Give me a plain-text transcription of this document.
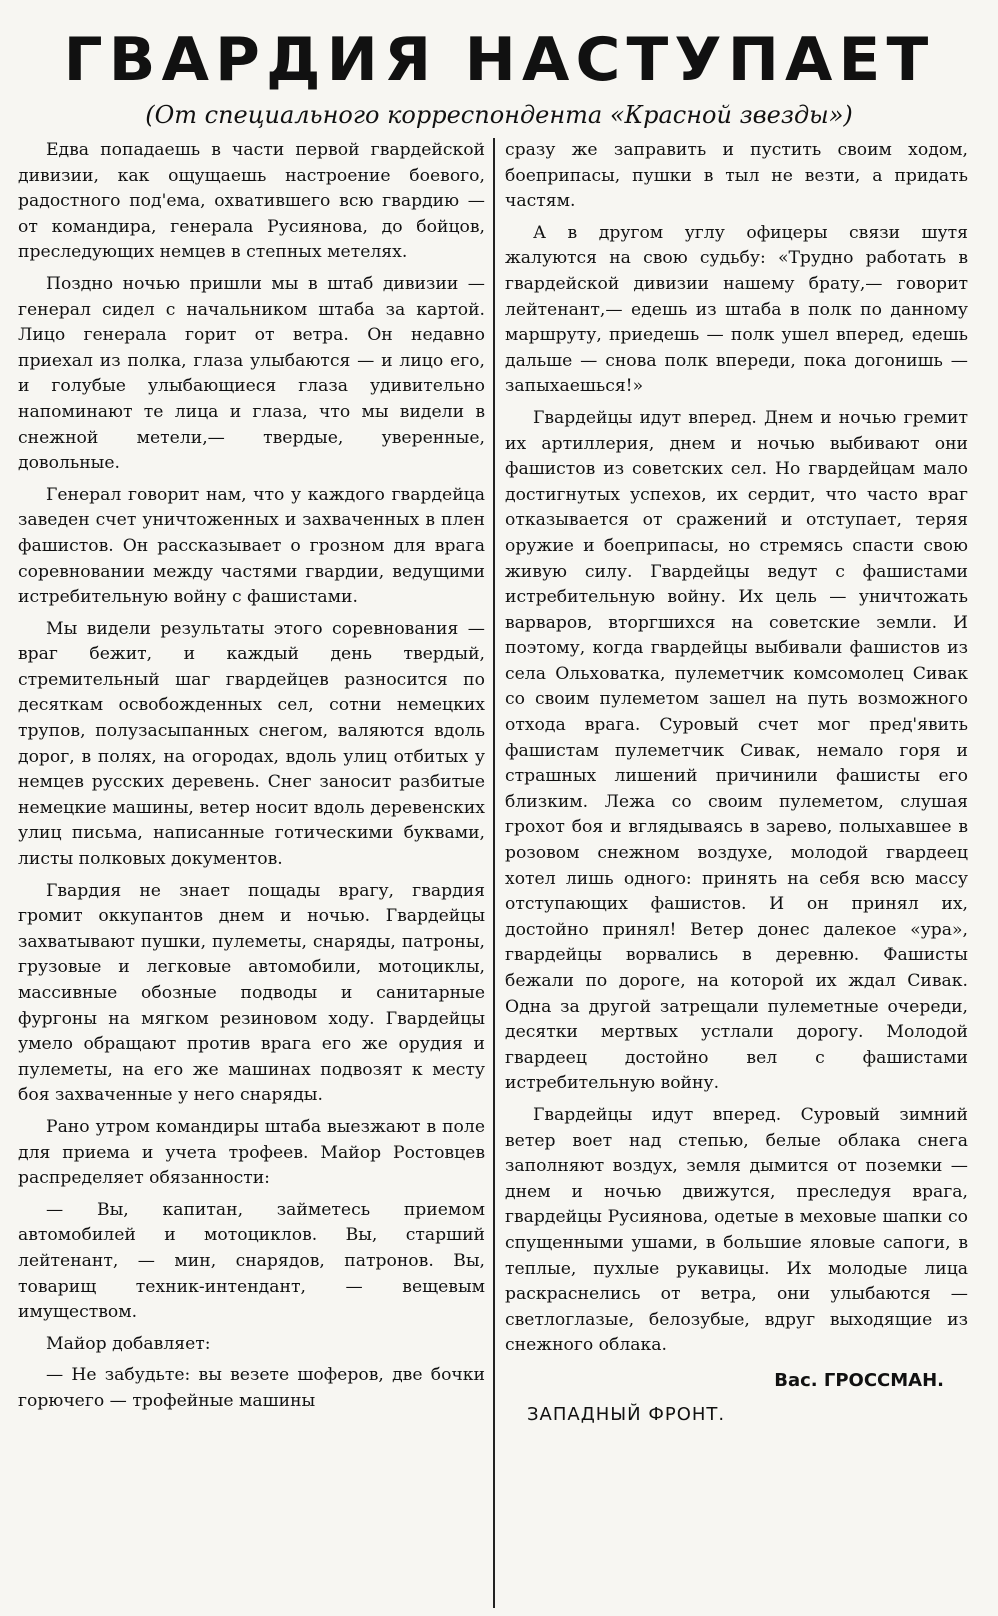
ГВАРДИЯ НАСТУПАЕТ
(От специального корреспондента «Красной звезды»)

Едва попадаешь в части первой гвардейской дивизии, как ощущаешь настроение боевого, радостного под'ема, охватившего всю гвардию — от командира, генерала Русиянова, до бойцов, преследующих немцев в степных метелях.

Поздно ночью пришли мы в штаб дивизии — генерал сидел с начальником штаба за картой. Лицо генерала горит от ветра. Он недавно приехал из полка, глаза улыбаются — и лицо его, и голубые улыбающиеся глаза удивительно напоминают те лица и глаза, что мы видели в снежной метели,— твердые, уверенные, довольные.

Генерал говорит нам, что у каждого гвардейца заведен счет уничтоженных и захваченных в плен фашистов. Он рассказывает о грозном для врага соревновании между частями гвардии, ведущими истребительную войну с фашистами.

Мы видели результаты этого соревнования — враг бежит, и каждый день твердый, стремительный шаг гвардейцев разносится по десяткам освобожденных сел, сотни немецких трупов, полузасыпанных снегом, валяются вдоль дорог, в полях, на огородах, вдоль улиц отбитых у немцев русских деревень. Снег заносит разбитые немецкие машины, ветер носит вдоль деревенских улиц письма, написанные готическими буквами, листы полковых документов.

Гвардия не знает пощады врагу, гвардия громит оккупантов днем и ночью. Гвардейцы захватывают пушки, пулеметы, снаряды, патроны, грузовые и легковые автомобили, мотоциклы, массивные обозные подводы и санитарные фургоны на мягком резиновом ходу. Гвардейцы умело обращают против врага его же орудия и пулеметы, на его же машинах подвозят к месту боя захваченные у него снаряды.

Рано утром командиры штаба выезжают в поле для приема и учета трофеев. Майор Ростовцев распределяет обязанности:

— Вы, капитан, займетесь приемом автомобилей и мотоциклов. Вы, старший лейтенант, — мин, снарядов, патронов. Вы, товарищ техник-интендант, — вещевым имуществом.

Майор добавляет:

— Не забудьте: вы везете шоферов, две бочки горючего — трофейные машины

сразу же заправить и пустить своим ходом, боеприпасы, пушки в тыл не везти, а придать частям.

А в другом углу офицеры связи шутя жалуются на свою судьбу: «Трудно работать в гвардейской дивизии нашему брату,— говорит лейтенант,— едешь из штаба в полк по данному маршруту, приедешь — полк ушел вперед, едешь дальше — снова полк впереди, пока догонишь — запыхаешься!»

Гвардейцы идут вперед. Днем и ночью гремит их артиллерия, днем и ночью выбивают они фашистов из советских сел. Но гвардейцам мало достигнутых успехов, их сердит, что часто враг отказывается от сражений и отступает, теряя оружие и боеприпасы, но стремясь спасти свою живую силу. Гвардейцы ведут с фашистами истребительную войну. Их цель — уничтожать варваров, вторгшихся на советские земли. И поэтому, когда гвардейцы выбивали фашистов из села Ольховатка, пулеметчик комсомолец Сивак со своим пулеметом зашел на путь возможного отхода врага. Суровый счет мог пред'явить фашистам пулеметчик Сивак, немало горя и страшных лишений причинили фашисты его близким. Лежа со своим пулеметом, слушая грохот боя и вглядываясь в зарево, полыхавшее в розовом снежном воздухе, молодой гвардеец хотел лишь одного: принять на себя всю массу отступающих фашистов. И он принял их, достойно принял! Ветер донес далекое «ура», гвардейцы ворвались в деревню. Фашисты бежали по дороге, на которой их ждал Сивак. Одна за другой затрещали пулеметные очереди, десятки мертвых устлали дорогу. Молодой гвардеец достойно вел с фашистами истребительную войну.

Гвардейцы идут вперед. Суровый зимний ветер воет над степью, белые облака снега заполняют воздух, земля дымится от поземки — днем и ночью движутся, преследуя врага, гвардейцы Русиянова, одетые в меховые шапки со спущенными ушами, в большие яловые сапоги, в теплые, пухлые рукавицы. Их молодые лица раскраснелись от ветра, они улыбаются — светлоглазые, белозубые, вдруг выходящие из снежного облака.

Вас. ГРОССМАН.
ЗАПАДНЫЙ ФРОНТ.
